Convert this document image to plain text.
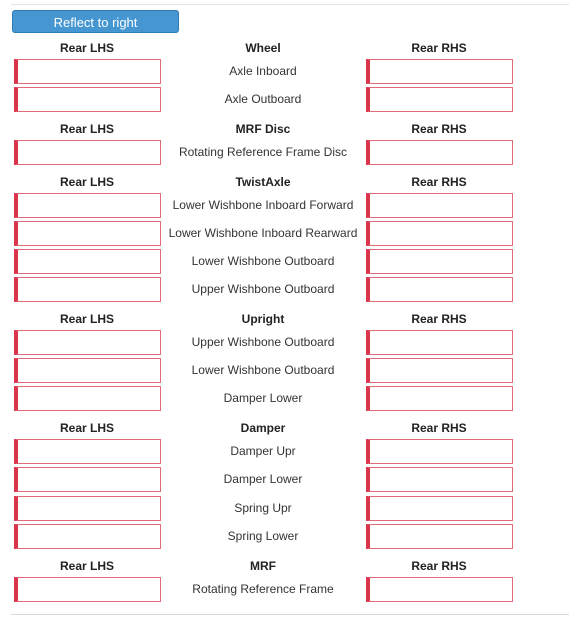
Reflect to right
Rear LHS	Wheel	Rear RHS
Axle Inboard
Axle Outboard
Rear LHS	MRF Disc	Rear RHS
Rotating Reference Frame Disc
Rear LHS	TwistAxle	Rear RHS
Lower Wishbone Inboard Forward
Lower Wishbone Inboard Rearward
Lower Wishbone Outboard
Upper Wishbone Outboard
Rear LHS	Upright	Rear RHS
Upper Wishbone Outboard
Lower Wishbone Outboard
Damper Lower
Rear LHS	Damper	Rear RHS
Damper Upr
Damper Lower
Spring Upr
Spring Lower
Rear LHS	MRF	Rear RHS
Rotating Reference Frame
